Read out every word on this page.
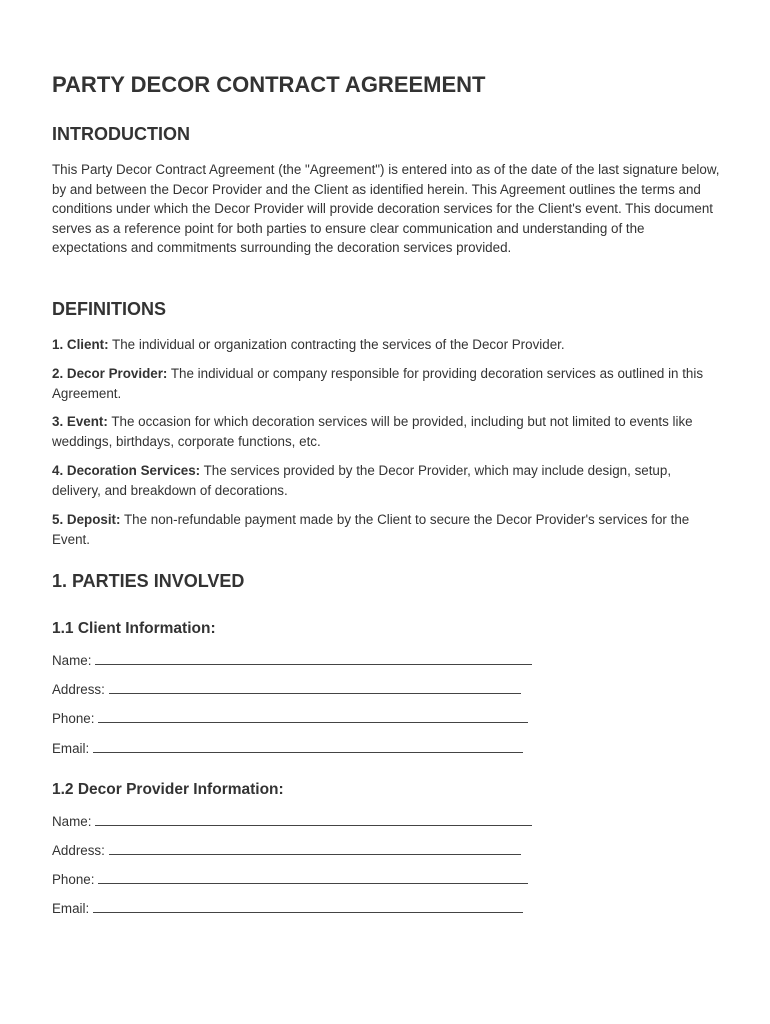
PARTY DECOR CONTRACT AGREEMENT
INTRODUCTION
This Party Decor Contract Agreement (the "Agreement") is entered into as of the date of the last signature below, by and between the Decor Provider and the Client as identified herein. This Agreement outlines the terms and conditions under which the Decor Provider will provide decoration services for the Client's event. This document serves as a reference point for both parties to ensure clear communication and understanding of the expectations and commitments surrounding the decoration services provided.
DEFINITIONS
1. Client: The individual or organization contracting the services of the Decor Provider.
2. Decor Provider: The individual or company responsible for providing decoration services as outlined in this Agreement.
3. Event: The occasion for which decoration services will be provided, including but not limited to events like weddings, birthdays, corporate functions, etc.
4. Decoration Services: The services provided by the Decor Provider, which may include design, setup, delivery, and breakdown of decorations.
5. Deposit: The non-refundable payment made by the Client to secure the Decor Provider's services for the Event.
1. PARTIES INVOLVED
1.1 Client Information:
Name:
Address:
Phone:
Email:
1.2 Decor Provider Information:
Name:
Address:
Phone:
Email:
